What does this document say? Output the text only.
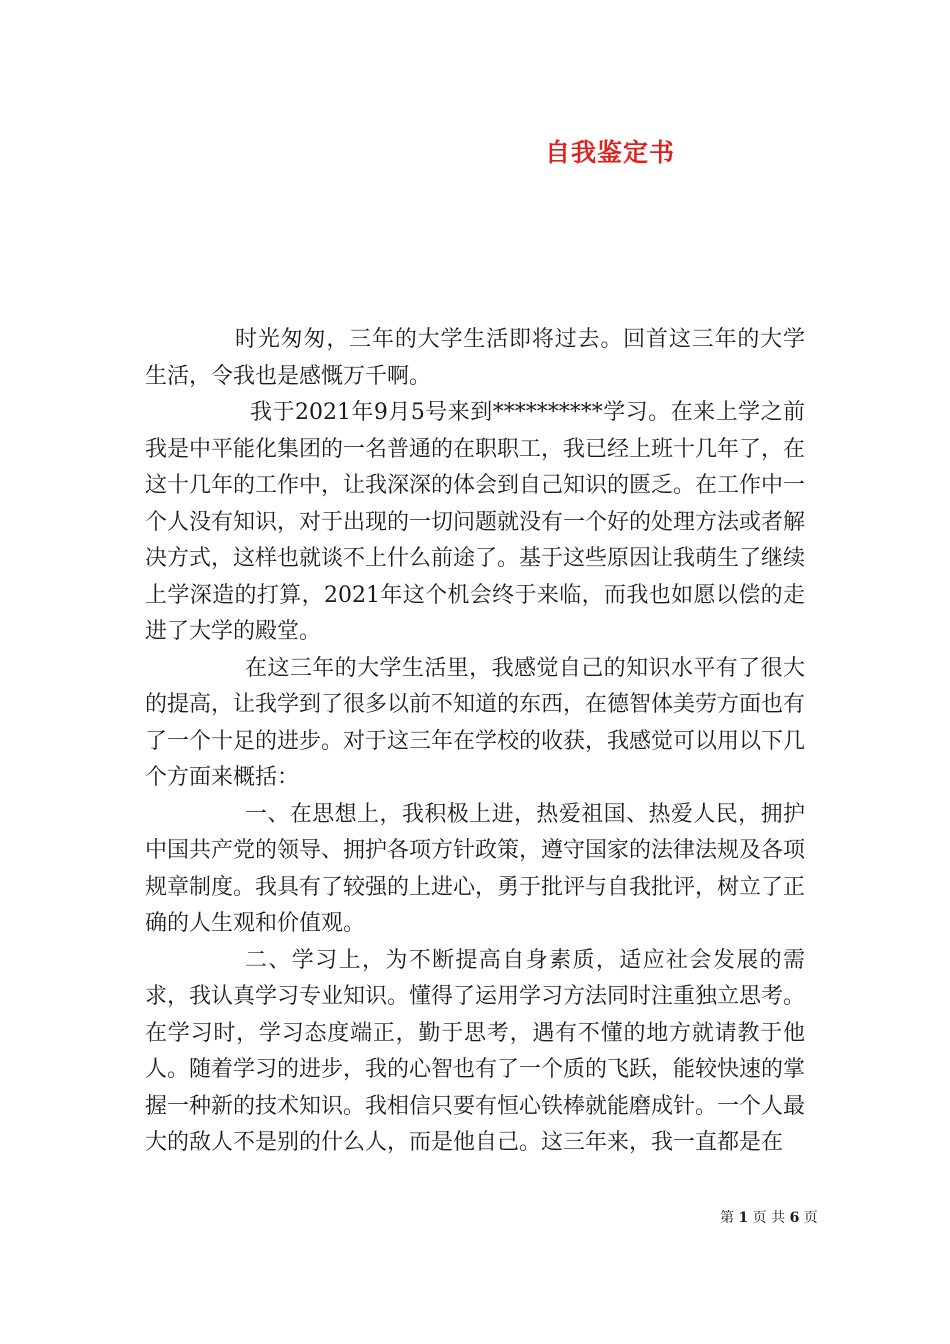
自我鉴定书

时光匆匆，三年的大学生活即将过去。回首这三年的大学生活，令我也是感慨万千啊。

我于2021年9月5号来到**********学习。在来上学之前我是中平能化集团的一名普通的在职职工，我已经上班十几年了，在这十几年的工作中，让我深深的体会到自己知识的匮乏。在工作中一个人没有知识，对于出现的一切问题就没有一个好的处理方法或者解决方式，这样也就谈不上什么前途了。基于这些原因让我萌生了继续上学深造的打算，2021年这个机会终于来临，而我也如愿以偿的走进了大学的殿堂。

在这三年的大学生活里，我感觉自己的知识水平有了很大的提高，让我学到了很多以前不知道的东西，在德智体美劳方面也有了一个十足的进步。对于这三年在学校的收获，我感觉可以用以下几个方面来概括：

一、在思想上，我积极上进，热爱祖国、热爱人民，拥护中国共产党的领导、拥护各项方针政策，遵守国家的法律法规及各项规章制度。我具有了较强的上进心，勇于批评与自我批评，树立了正确的人生观和价值观。

二、学习上，为不断提高自身素质，适应社会发展的需求，我认真学习专业知识。懂得了运用学习方法同时注重独立思考。在学习时，学习态度端正，勤于思考，遇有不懂的地方就请教于他人。随着学习的进步，我的心智也有了一个质的飞跃，能较快速的掌握一种新的技术知识。我相信只要有恒心铁棒就能磨成针。一个人最大的敌人不是别的什么人，而是他自己。这三年来，我一直都是在

第 1 页 共 6 页
